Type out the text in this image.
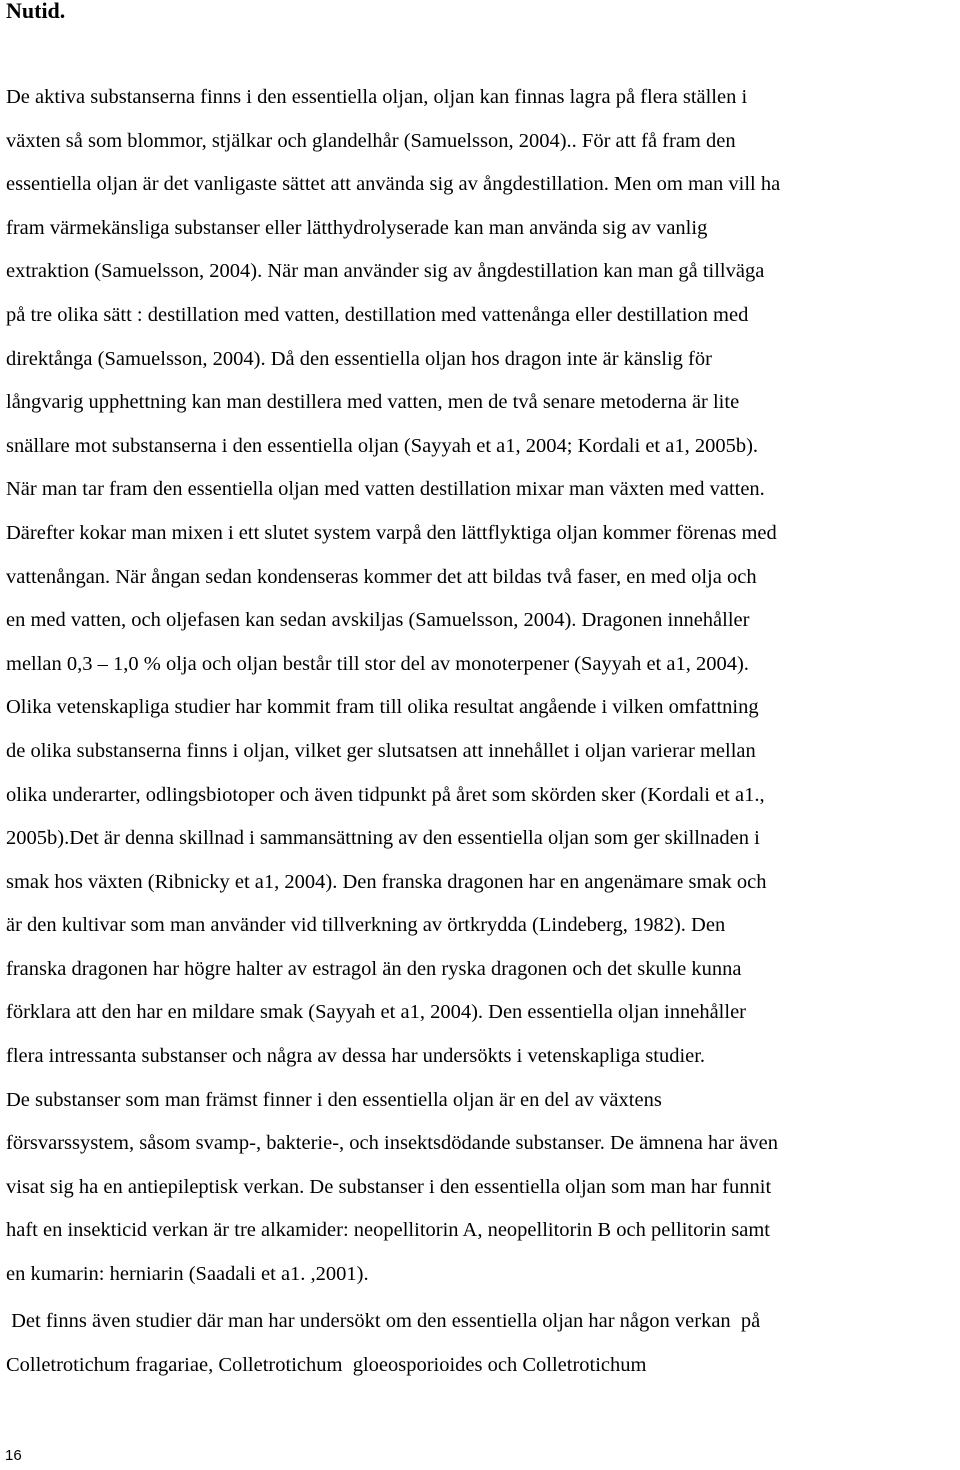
Nutid.
De aktiva substanserna finns i den essentiella oljan, oljan kan finnas lagra på flera ställen i
växten så som blommor, stjälkar och glandelhår (Samuelsson, 2004).. För att få fram den
essentiella oljan är det vanligaste sättet att använda sig av ångdestillation. Men om man vill ha
fram värmekänsliga substanser eller lätthydrolyserade kan man använda sig av vanlig
extraktion (Samuelsson, 2004). När man använder sig av ångdestillation kan man gå tillväga
på tre olika sätt : destillation med vatten, destillation med vattenånga eller destillation med
direktånga (Samuelsson, 2004). Då den essentiella oljan hos dragon inte är känslig för
långvarig upphettning kan man destillera med vatten, men de två senare metoderna är lite
snällare mot substanserna i den essentiella oljan (Sayyah et a1, 2004; Kordali et a1, 2005b).
När man tar fram den essentiella oljan med vatten destillation mixar man växten med vatten.
Därefter kokar man mixen i ett slutet system varpå den lättflyktiga oljan kommer förenas med
vattenångan. När ångan sedan kondenseras kommer det att bildas två faser, en med olja och
en med vatten, och oljefasen kan sedan avskiljas (Samuelsson, 2004). Dragonen innehåller
mellan 0,3 – 1,0 % olja och oljan består till stor del av monoterpener (Sayyah et a1, 2004).
Olika vetenskapliga studier har kommit fram till olika resultat angående i vilken omfattning
de olika substanserna finns i oljan, vilket ger slutsatsen att innehållet i oljan varierar mellan
olika underarter, odlingsbiotoper och även tidpunkt på året som skörden sker (Kordali et a1.,
2005b).Det är denna skillnad i sammansättning av den essentiella oljan som ger skillnaden i
smak hos växten (Ribnicky et a1, 2004). Den franska dragonen har en angenämare smak och
är den kultivar som man använder vid tillverkning av örtkrydda (Lindeberg, 1982). Den
franska dragonen har högre halter av estragol än den ryska dragonen och det skulle kunna
förklara att den har en mildare smak (Sayyah et a1, 2004). Den essentiella oljan innehåller
flera intressanta substanser och några av dessa har undersökts i vetenskapliga studier.
De substanser som man främst finner i den essentiella oljan är en del av växtens
försvarssystem, såsom svamp-, bakterie-, och insektsdödande substanser. De ämnena har även
visat sig ha en antiepileptisk verkan. De substanser i den essentiella oljan som man har funnit
haft en insekticid verkan är tre alkamider: neopellitorin A, neopellitorin B och pellitorin samt
en kumarin: herniarin (Saadali et a1. ,2001).
Det finns även studier där man har undersökt om den essentiella oljan har någon verkan  på
Colletrotichum fragariae, Colletrotichum  gloeosporioides och Colletrotichum
16
